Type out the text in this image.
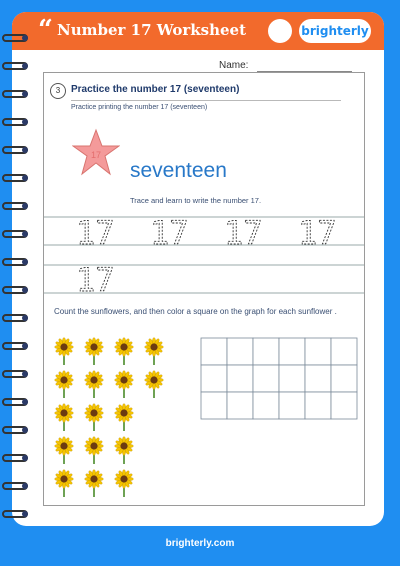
“ Number 17 Worksheet	brighterly
Name:
3	Practice the number 17 (seventeen)
Practice printing the number 17 (seventeen)
17
seventeen
Trace and learn to write the number 17.
17 17 17 17
17
Count the sunflowers, and then color a square on the graph for each sunflower .
brighterly.com
